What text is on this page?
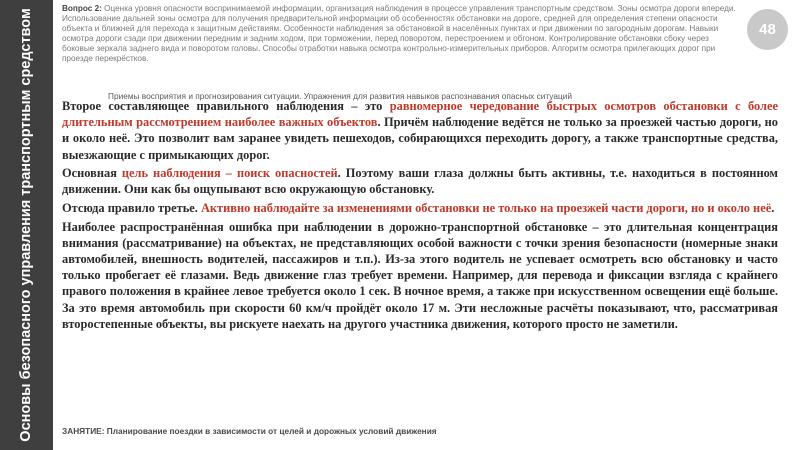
Основы безопасного управления транспортным средством	Вопрос 2: Оценка уровня опасности воспринимаемой информации, организация наблюдения в процессе управления транспортным средством. Зоны осмотра дороги впереди. Использование дальней зоны осмотра для получения предварительной информации об особенностях обстановки на дороге, средней для определения степени опасности объекта и ближней для перехода к защитным действиям. Особенности наблюдения за обстановкой в населённых пунктах и при движении по загородным дорогам. Навыки осмотра дороги сзади при движении передним и задним ходом, при торможении, перед поворотом, перестроением и обгоном. Контролирование обстановки сбоку через боковые зеркала заднего вида и поворотом головы. Способы отработки навыка осмотра контрольно-измерительных приборов. Алгоритм осмотра прилегающих дорог при проезде перекрёстков.
48
Приемы восприятия и прогнозирования ситуации. Упражнения для развития навыков распознавания опасных ситуаций

Второе составляющее правильного наблюдения – это равномерное чередование быстрых осмотров обстановки с более длительным рассмотрением наиболее важных объектов. Причём наблюдение ведётся не только за проезжей частью дороги, но и около неё. Это позволит вам заранее увидеть пешеходов, собирающихся переходить дорогу, а также транспортные средства, выезжающие с примыкающих дорог.

Основная цель наблюдения – поиск опасностей. Поэтому ваши глаза должны быть активны, т.е. находиться в постоянном движении. Они как бы ощупывают всю окружающую обстановку.

Отсюда правило третье. Активно наблюдайте за изменениями обстановки не только на проезжей части дороги, но и около неё.

Наиболее распространённая ошибка при наблюдении в дорожно-транспортной обстановке – это длительная концентрация внимания (рассматривание) на объектах, не представляющих особой важности с точки зрения безопасности (номерные знаки автомобилей, внешность водителей, пассажиров и т.п.). Из-за этого водитель не успевает осмотреть всю обстановку и часто только пробегает её глазами. Ведь движение глаз требует времени. Например, для перевода и фиксации взгляда с крайнего правого положения в крайнее левое требуется около 1 сек. В ночное время, а также при искусственном освещении ещё больше. За это время автомобиль при скорости 60 км/ч пройдёт около 17 м. Эти несложные расчёты показывают, что, рассматривая второстепенные объекты, вы рискуете наехать на другого участника движения, которого просто не заметили.

ЗАНЯТИЕ: Планирование поездки в зависимости от целей и дорожных условий движения
